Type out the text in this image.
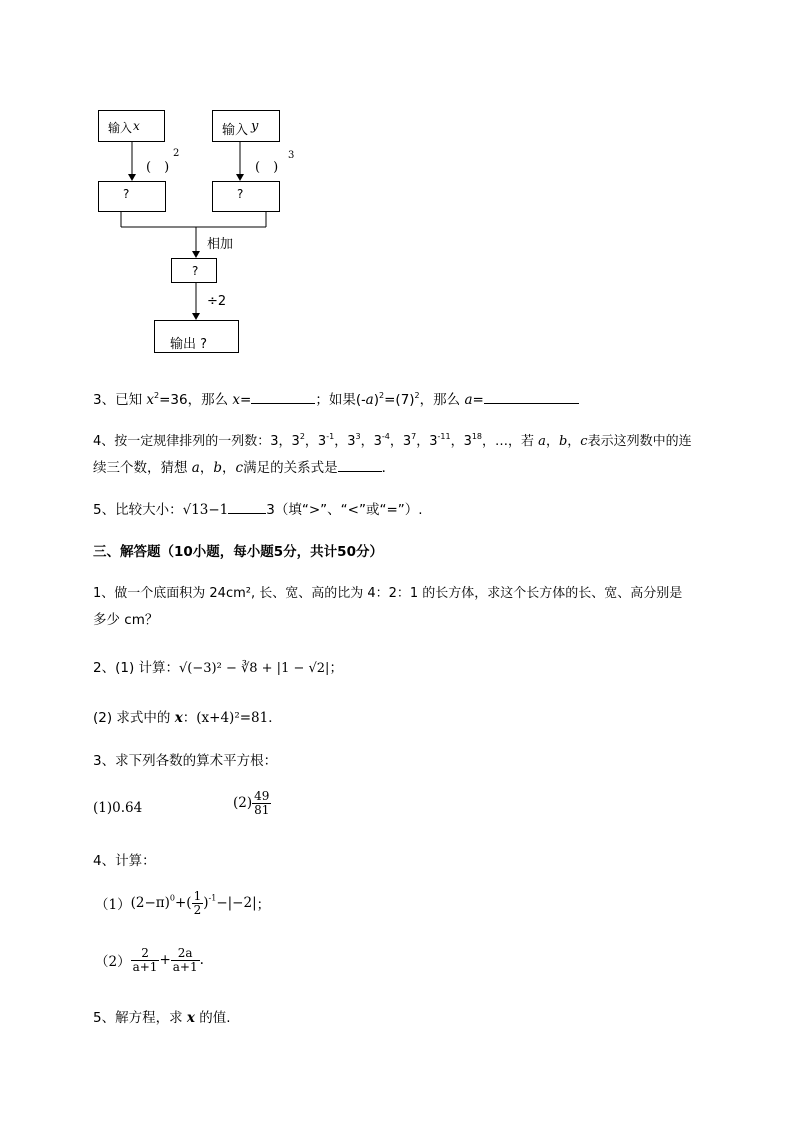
输入 x	输入 y
(　)
2
(　)
3
?	?
相加
?
÷2
输出 ?
3、已知 $x^2=36$，那么 x=	；如果$(-a)^2=(7)^2$，那么 a=
4、按一定规律排列的一列数：3，$3^2$，$3^{-1}$，$3^3$，$3^{-4}$，$3^7$，$3^{-11}$，$3^{18}$，…，若 a，b，c表示这列数中的连
续三个数，猜想 a，b，c满足的关系式是	．
5、比较大小：√13−1	3（填“>”、“<”或“=”）.
三、解答题（10小题，每小题5分，共计50分）
1、做一个底面积为 24cm², 长、宽、高的比为 4：2：1 的长方体，求这个长方体的长、宽、高分别是
多少 cm？
2、(1) 计算：√(−3)² − ∛8 + |1 − √2|；
(2) 求式中的 x：(x+4)²=81．
3、求下列各数的算术平方根：
(1)0.64	$(2) \frac{49}{81}$
4、计算：
$(1)(2-\pi)^0+( \frac{1}{2} )^{-1}-|-2|$；
$(2) \frac{2}{a+1} + \frac{2a}{a+1}$ .
5、解方程，求 x 的值.
